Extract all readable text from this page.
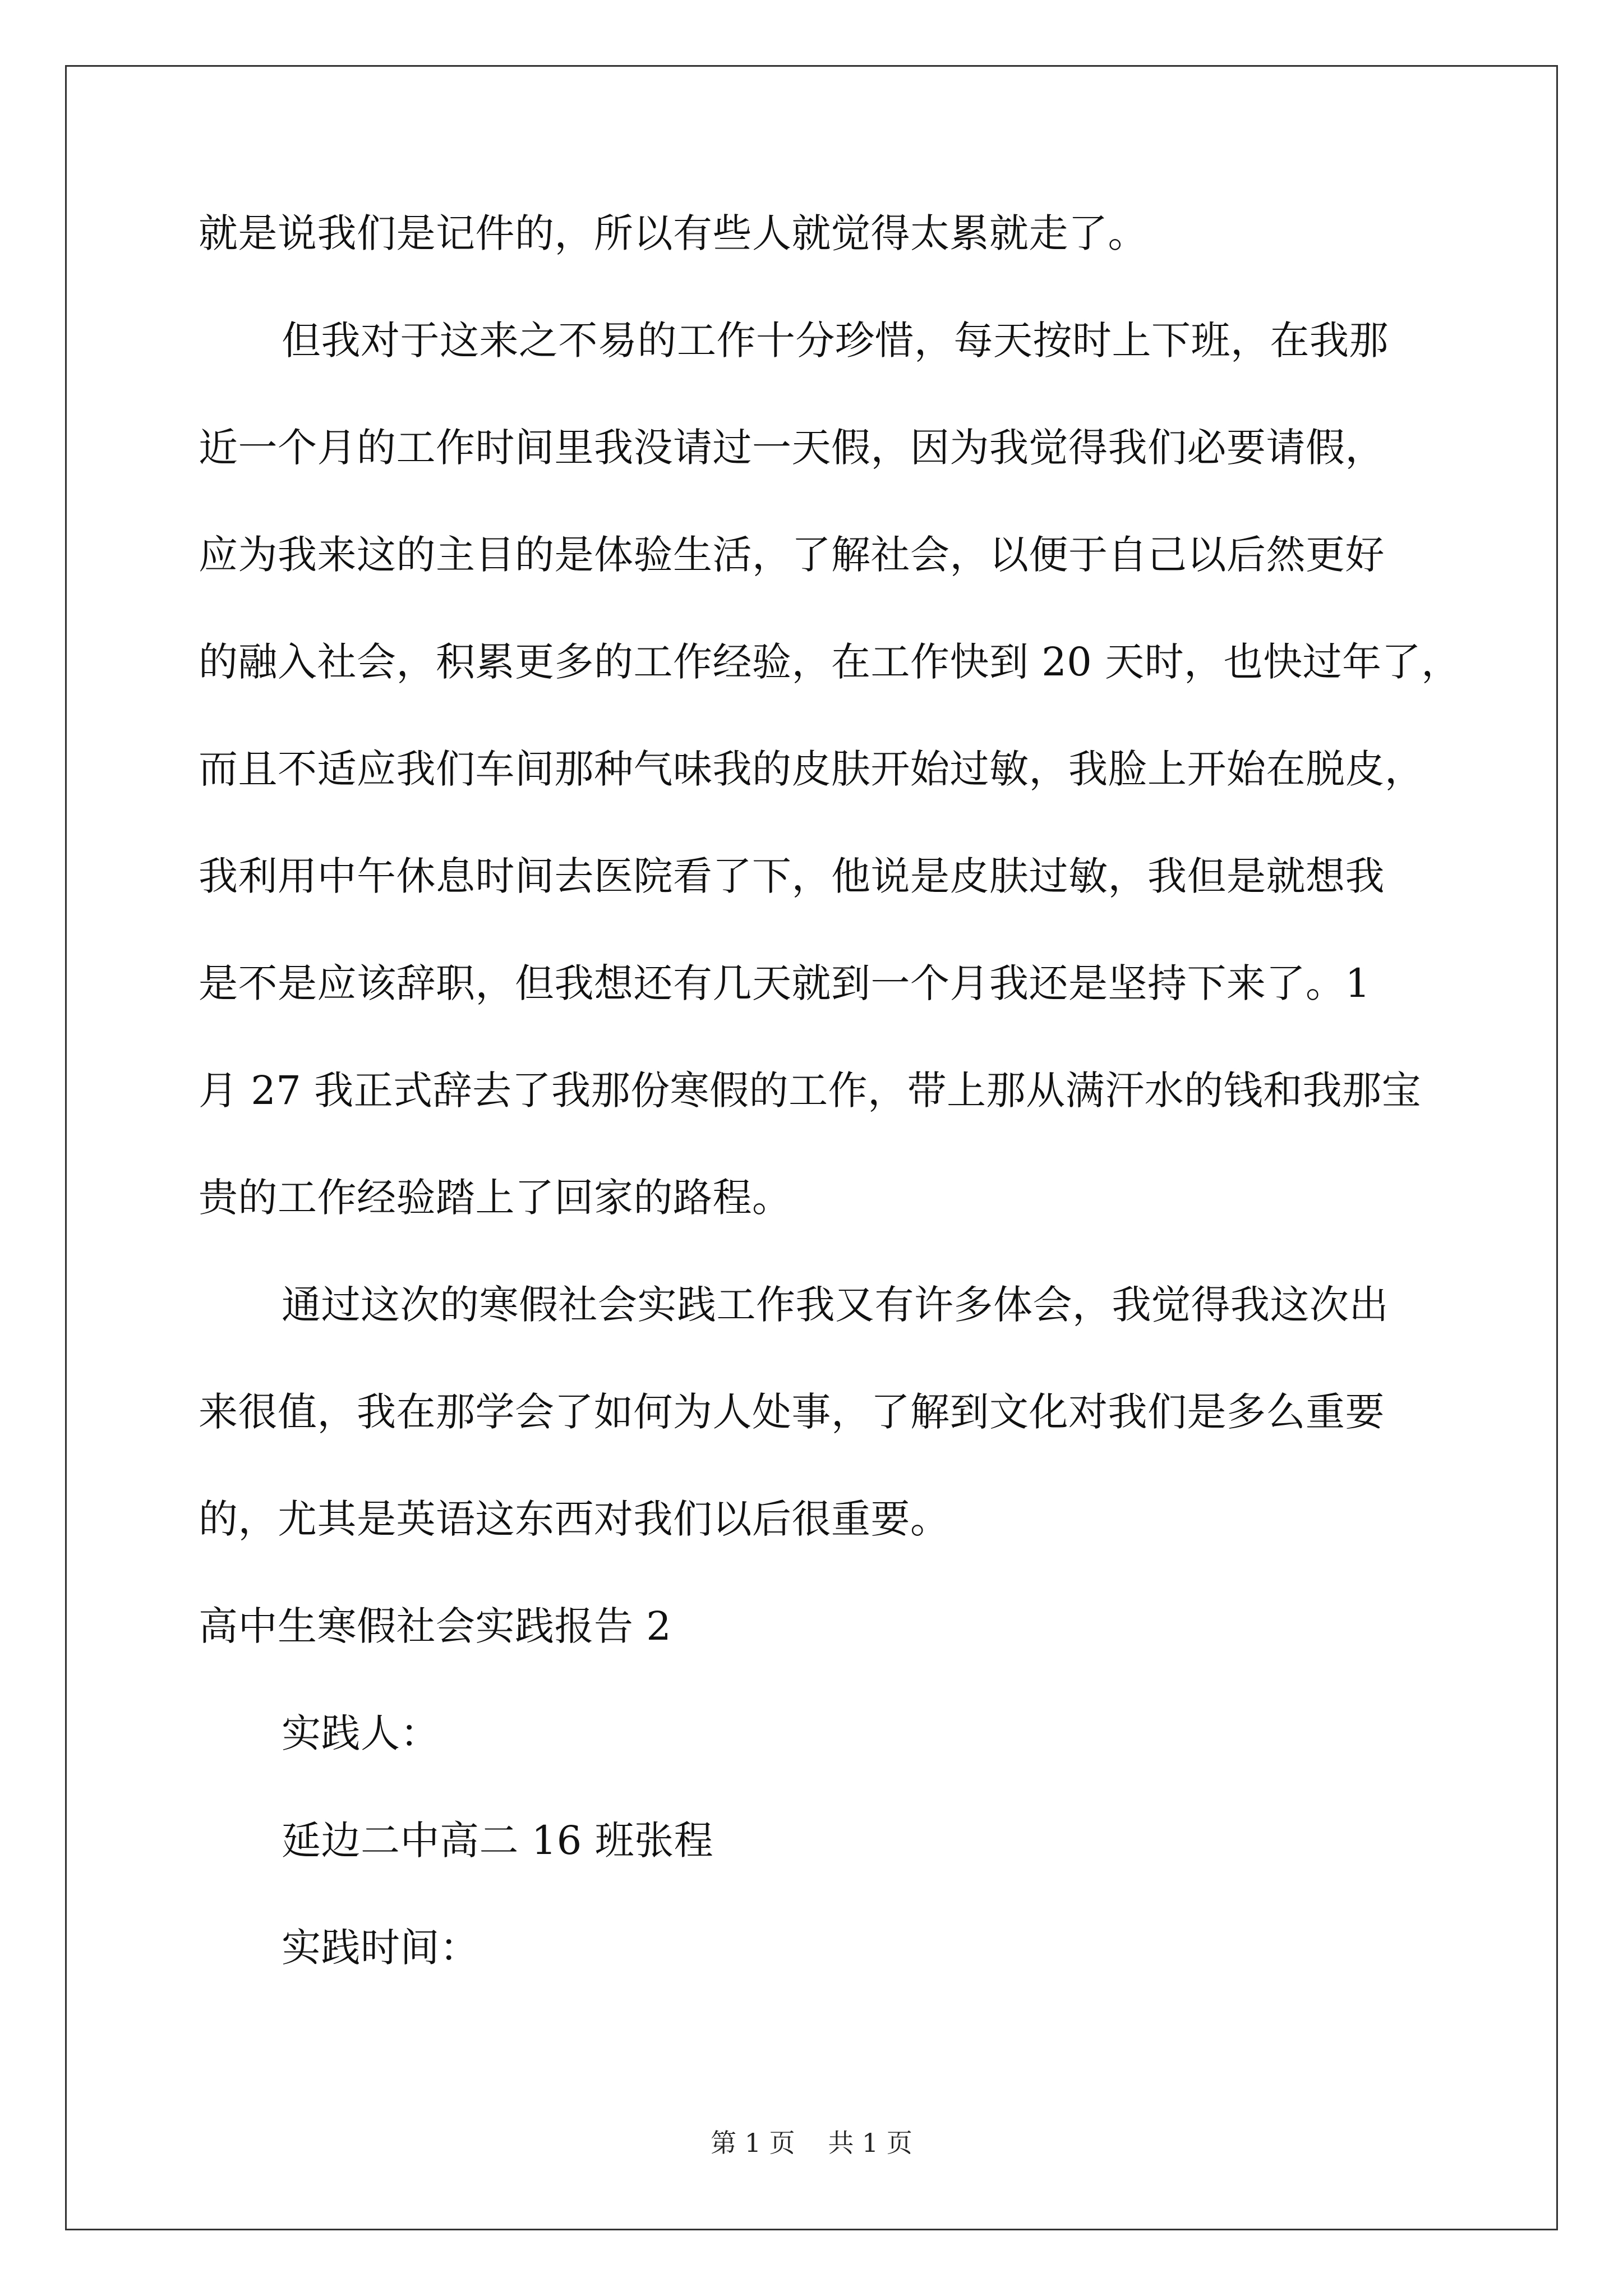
就是说我们是记件的，所以有些人就觉得太累就走了。

但我对于这来之不易的工作十分珍惜，每天按时上下班，在我那

近一个月的工作时间里我没请过一天假，因为我觉得我们必要请假，

应为我来这的主目的是体验生活，了解社会，以便于自己以后然更好

的融入社会，积累更多的工作经验，在工作快到 20 天时，也快过年了，

而且不适应我们车间那种气味我的皮肤开始过敏，我脸上开始在脱皮，

我利用中午休息时间去医院看了下，他说是皮肤过敏，我但是就想我

是不是应该辞职，但我想还有几天就到一个月我还是坚持下来了。1

月 27 我正式辞去了我那份寒假的工作，带上那从满汗水的钱和我那宝

贵的工作经验踏上了回家的路程。

通过这次的寒假社会实践工作我又有许多体会，我觉得我这次出

来很值，我在那学会了如何为人处事，了解到文化对我们是多么重要

的，尤其是英语这东西对我们以后很重要。

高中生寒假社会实践报告 2

实践人：

延边二中高二 16 班张程

实践时间：

第 1 页 共 1 页
